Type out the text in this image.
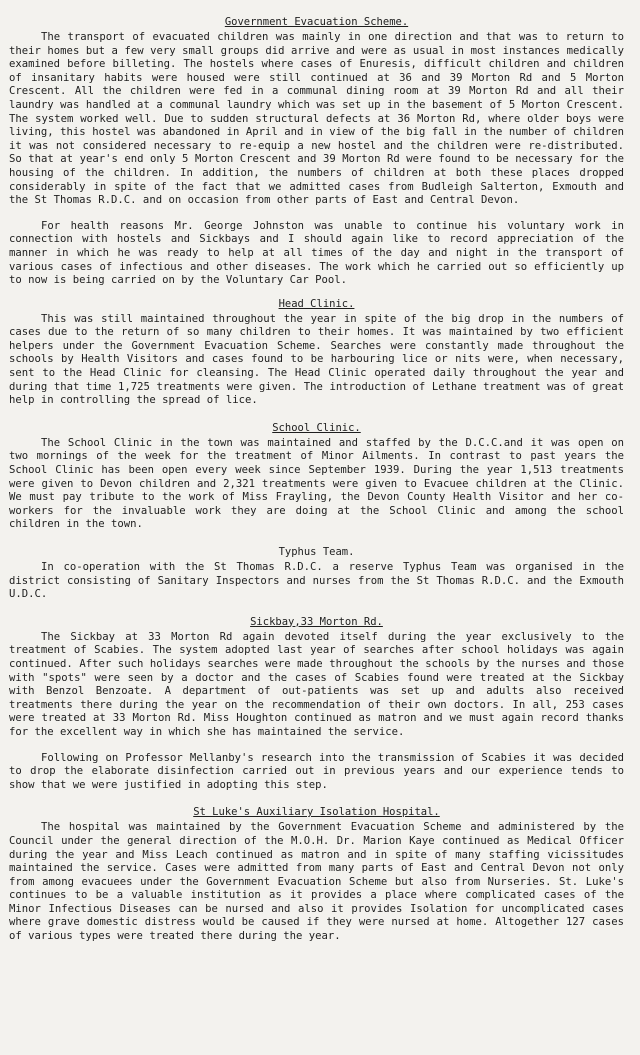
Government Evacuation Scheme.

The transport of evacuated children was mainly in one direction and that was to return to their homes but a few very small groups did arrive and were as usual in most instances medically examined before billeting. The hostels where cases of Enuresis, difficult children and children of insanitary habits were housed were still continued at 36 and 39 Morton Rd and 5 Morton Crescent. All the children were fed in a communal dining room at 39 Morton Rd and all their laundry was handled at a communal laundry which was set up in the basement of 5 Morton Crescent. The system worked well. Due to sudden structural defects at 36 Morton Rd, where older boys were living, this hostel was abandoned in April and in view of the big fall in the number of children it was not considered necessary to re-equip a new hostel and the children were re-distributed. So that at year's end only 5 Morton Crescent and 39 Morton Rd were found to be necessary for the housing of the children. In addition, the numbers of children at both these places dropped considerably in spite of the fact that we admitted cases from Budleigh Salterton, Exmouth and the St Thomas R.D.C. and on occasion from other parts of East and Central Devon.

For health reasons Mr. George Johnston was unable to continue his voluntary work in connection with hostels and Sickbays and I should again like to record appreciation of the manner in which he was ready to help at all times of the day and night in the transport of various cases of infectious and other diseases. The work which he carried out so efficiently up to now is being carried on by the Voluntary Car Pool.

Head Clinic.

This was still maintained throughout the year in spite of the big drop in the numbers of cases due to the return of so many children to their homes. It was maintained by two efficient helpers under the Government Evacuation Scheme. Searches were constantly made throughout the schools by Health Visitors and cases found to be harbouring lice or nits were, when necessary, sent to the Head Clinic for cleansing. The Head Clinic operated daily throughout the year and during that time 1,725 treatments were given. The introduction of Lethane treatment was of great help in controlling the spread of lice.

School Clinic.

The School Clinic in the town was maintained and staffed by the D.C.C.and it was open on two mornings of the week for the treatment of Minor Ailments. In contrast to past years the School Clinic has been open every week since September 1939. During the year 1,513 treatments were given to Devon children and 2,321 treatments were given to Evacuee children at the Clinic. We must pay tribute to the work of Miss Frayling, the Devon County Health Visitor and her co-workers for the invaluable work they are doing at the School Clinic and among the school children in the town.

Typhus Team.

In co-operation with the St Thomas R.D.C. a reserve Typhus Team was organised in the district consisting of Sanitary Inspectors and nurses from the St Thomas R.D.C. and the Exmouth U.D.C.

Sickbay,33 Morton Rd.

The Sickbay at 33 Morton Rd again devoted itself during the year exclusively to the treatment of Scabies. The system adopted last year of searches after school holidays was again continued. After such holidays searches were made throughout the schools by the nurses and those with "spots" were seen by a doctor and the cases of Scabies found were treated at the Sickbay with Benzol Benzoate. A department of out-patients was set up and adults also received treatments there during the year on the recommendation of their own doctors. In all, 253 cases were treated at 33 Morton Rd. Miss Houghton continued as matron and we must again record thanks for the excellent way in which she has maintained the service.

Following on Professor Mellanby's research into the transmission of Scabies it was decided to drop the elaborate disinfection carried out in previous years and our experience tends to show that we were justified in adopting this step.

St Luke's Auxiliary Isolation Hospital.

The hospital was maintained by the Government Evacuation Scheme and administered by the Council under the general direction of the M.O.H. Dr. Marion Kaye continued as Medical Officer during the year and Miss Leach continued as matron and in spite of many staffing vicissitudes maintained the service. Cases were admitted from many parts of East and Central Devon not only from among evacuees under the Government Evacuation Scheme but also from Nurseries. St. Luke's continues to be a valuable institution as it provides a place where complicated cases of the Minor Infectious Diseases can be nursed and also it provides Isolation for uncomplicated cases where grave domestic distress would be caused if they were nursed at home. Altogether 127 cases of various types were treated there during the year.
